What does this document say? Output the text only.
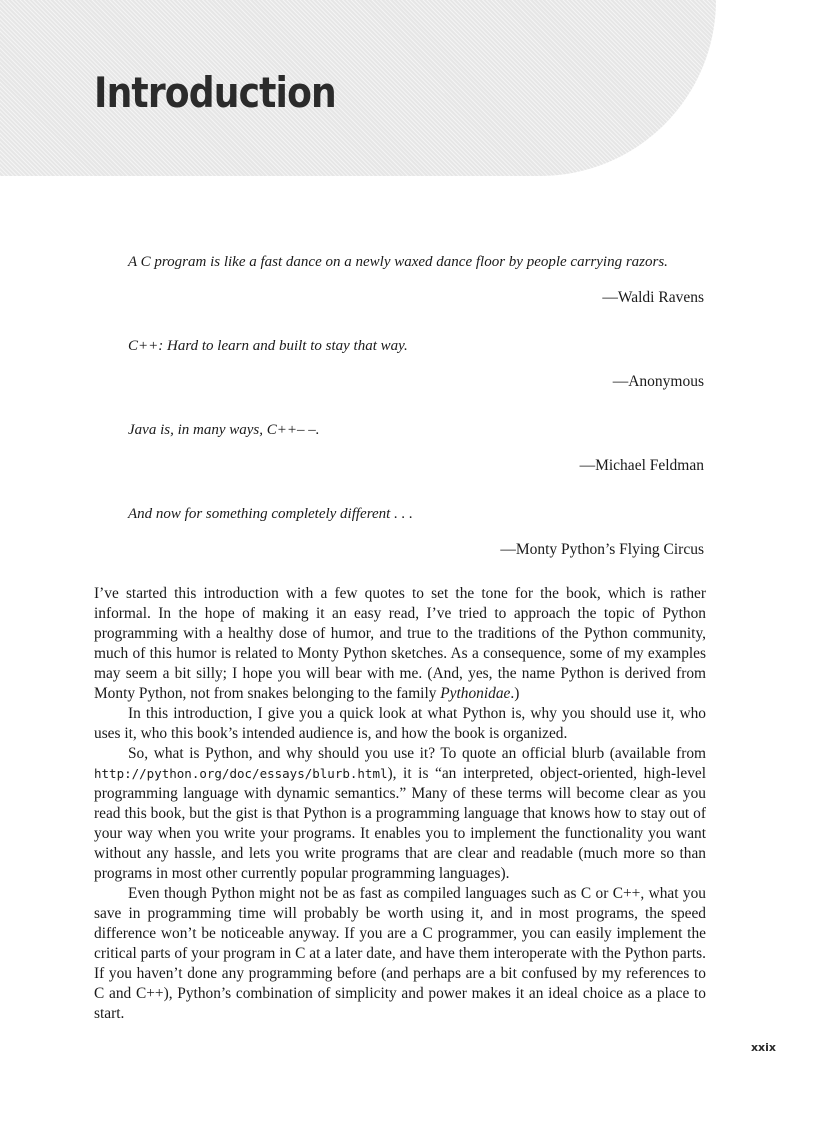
Introduction

A C program is like a fast dance on a newly waxed dance floor by people carrying razors.

—Waldi Ravens

C++: Hard to learn and built to stay that way.

—Anonymous

Java is, in many ways, C++– –.

—Michael Feldman

And now for something completely different . . .

—Monty Python’s Flying Circus

I’ve started this introduction with a few quotes to set the tone for the book, which is rather informal. In the hope of making it an easy read, I’ve tried to approach the topic of Python programming with a healthy dose of humor, and true to the traditions of the Python community, much of this humor is related to Monty Python sketches. As a consequence, some of my examples may seem a bit silly; I hope you will bear with me. (And, yes, the name Python is derived from Monty Python, not from snakes belonging to the family Pythonidae.)

In this introduction, I give you a quick look at what Python is, why you should use it, who uses it, who this book’s intended audience is, and how the book is organized.

So, what is Python, and why should you use it? To quote an official blurb (available from http://python.org/doc/essays/blurb.html), it is “an interpreted, object-oriented, high-level programming language with dynamic semantics.” Many of these terms will become clear as you read this book, but the gist is that Python is a programming language that knows how to stay out of your way when you write your programs. It enables you to implement the functionality you want without any hassle, and lets you write programs that are clear and readable (much more so than programs in most other currently popular programming languages).

Even though Python might not be as fast as compiled languages such as C or C++, what you save in programming time will probably be worth using it, and in most programs, the speed difference won’t be noticeable anyway. If you are a C programmer, you can easily implement the critical parts of your program in C at a later date, and have them interoperate with the Python parts. If you haven’t done any programming before (and perhaps are a bit confused by my references to C and C++), Python’s combination of simplicity and power makes it an ideal choice as a place to start.

xxix
